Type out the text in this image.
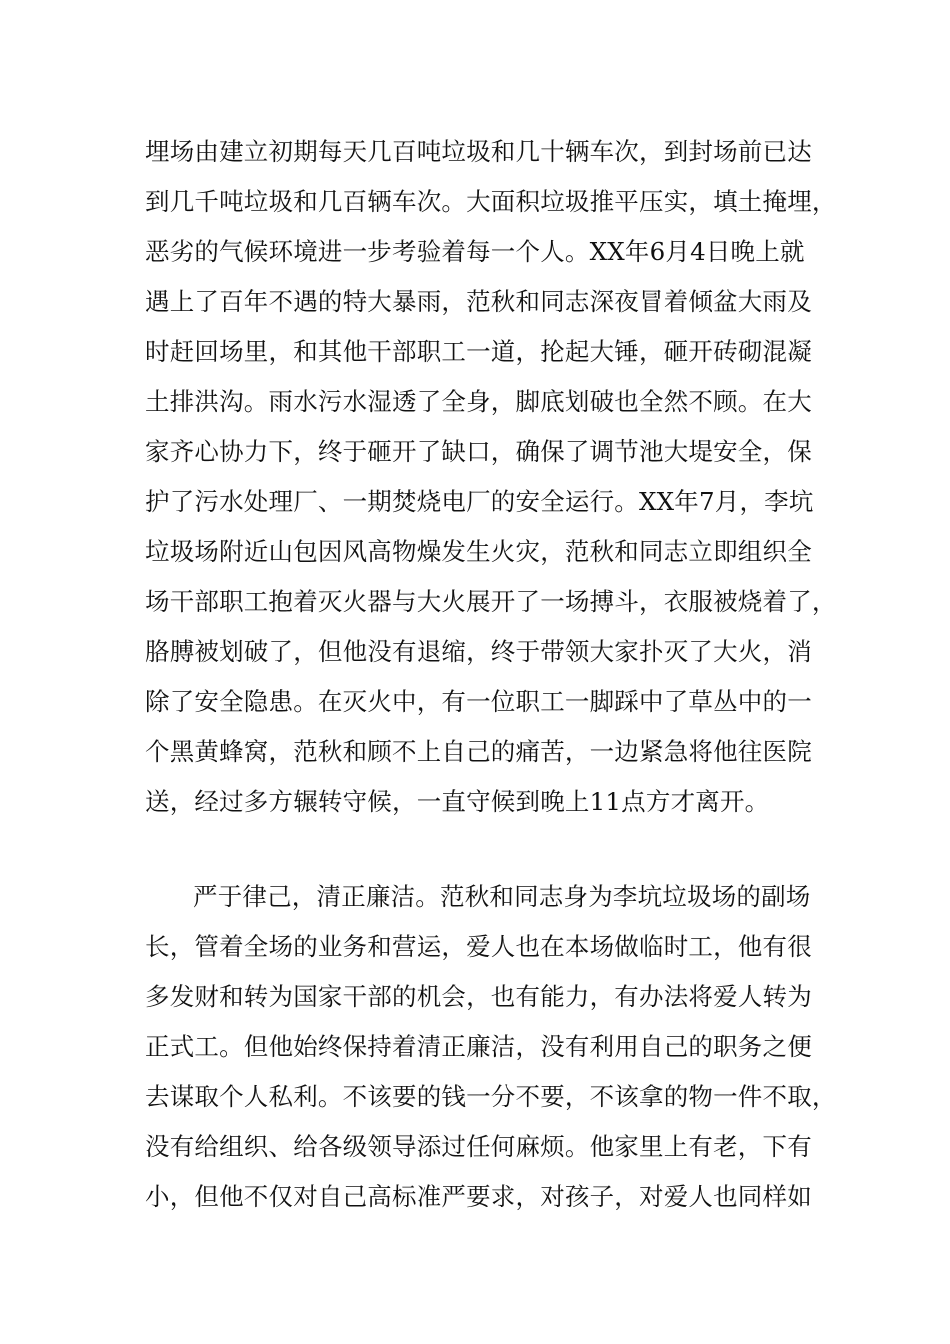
埋场由建立初期每天几百吨垃圾和几十辆车次，到封场前已达
到几千吨垃圾和几百辆车次。大面积垃圾推平压实，填土掩埋，
恶劣的气候环境进一步考验着每一个人。XX年6月4日晚上就
遇上了百年不遇的特大暴雨，范秋和同志深夜冒着倾盆大雨及
时赶回场里，和其他干部职工一道，抡起大锤，砸开砖砌混凝
土排洪沟。雨水污水湿透了全身，脚底划破也全然不顾。在大
家齐心协力下，终于砸开了缺口，确保了调节池大堤安全，保
护了污水处理厂、一期焚烧电厂的安全运行。XX年7月，李坑
垃圾场附近山包因风高物燥发生火灾，范秋和同志立即组织全
场干部职工抱着灭火器与大火展开了一场搏斗，衣服被烧着了，
胳膊被划破了，但他没有退缩，终于带领大家扑灭了大火，消
除了安全隐患。在灭火中，有一位职工一脚踩中了草丛中的一
个黑黄蜂窝，范秋和顾不上自己的痛苦，一边紧急将他往医院
送，经过多方辗转守候，一直守候到晚上11点方才离开。
严于律己，清正廉洁。范秋和同志身为李坑垃圾场的副场
长，管着全场的业务和营运，爱人也在本场做临时工，他有很
多发财和转为国家干部的机会，也有能力，有办法将爱人转为
正式工。但他始终保持着清正廉洁，没有利用自己的职务之便
去谋取个人私利。不该要的钱一分不要，不该拿的物一件不取，
没有给组织、给各级领导添过任何麻烦。他家里上有老，下有
小，但他不仅对自己高标准严要求，对孩子，对爱人也同样如
